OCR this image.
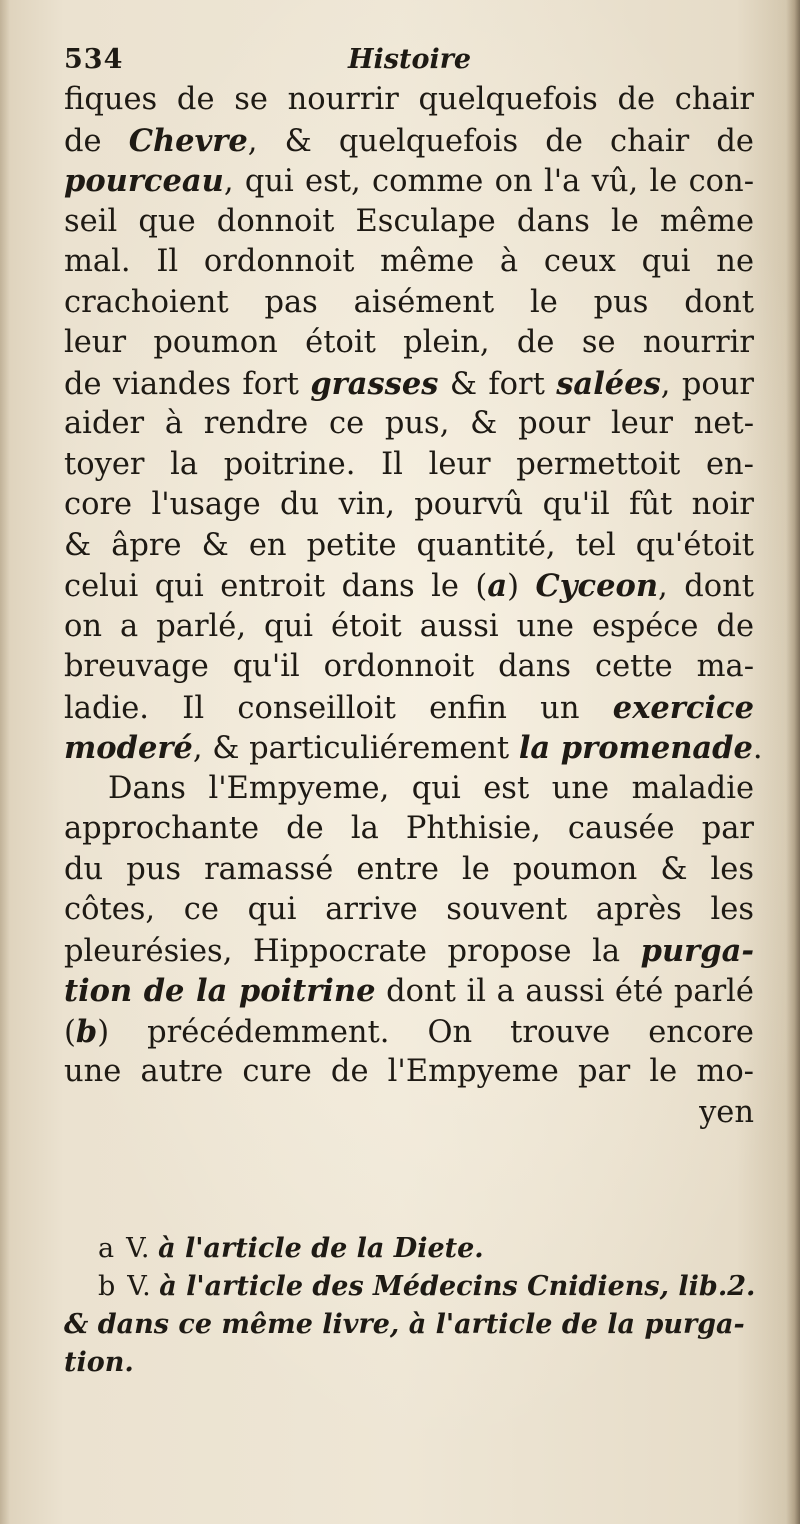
534	Histoire
fiques de se nourrir quelquefois de chair
de Chevre, & quelquefois de chair de
pourceau, qui est, comme on l'a vû, le con-
seil que donnoit Esculape dans le même
mal. Il ordonnoit même à ceux qui ne
crachoient pas aisément le pus dont
leur poumon étoit plein, de se nourrir
de viandes fort grasses & fort salées, pour
aider à rendre ce pus, & pour leur net-
toyer la poitrine. Il leur permettoit en-
core l'usage du vin, pourvû qu'il fût noir
& âpre & en petite quantité, tel qu'étoit
celui qui entroit dans le (a) Cyceon, dont
on a parlé, qui étoit aussi une espéce de
breuvage qu'il ordonnoit dans cette ma-
ladie. Il conseilloit enfin un exercice
moderé, & particuliérement la promenade.
Dans l'Empyeme, qui est une maladie
approchante de la Phthisie, causée par
du pus ramassé entre le poumon & les
côtes, ce qui arrive souvent après les
pleurésies, Hippocrate propose la purga-
tion de la poitrine dont il a aussi été parlé
(b) précédemment. On trouve encore
une autre cure de l'Empyeme par le mo-
yen
a V. à l'article de la Diete.
b V. à l'article des Médecins Cnidiens, lib.2.
& dans ce même livre, à l'article de la purga-
tion.
